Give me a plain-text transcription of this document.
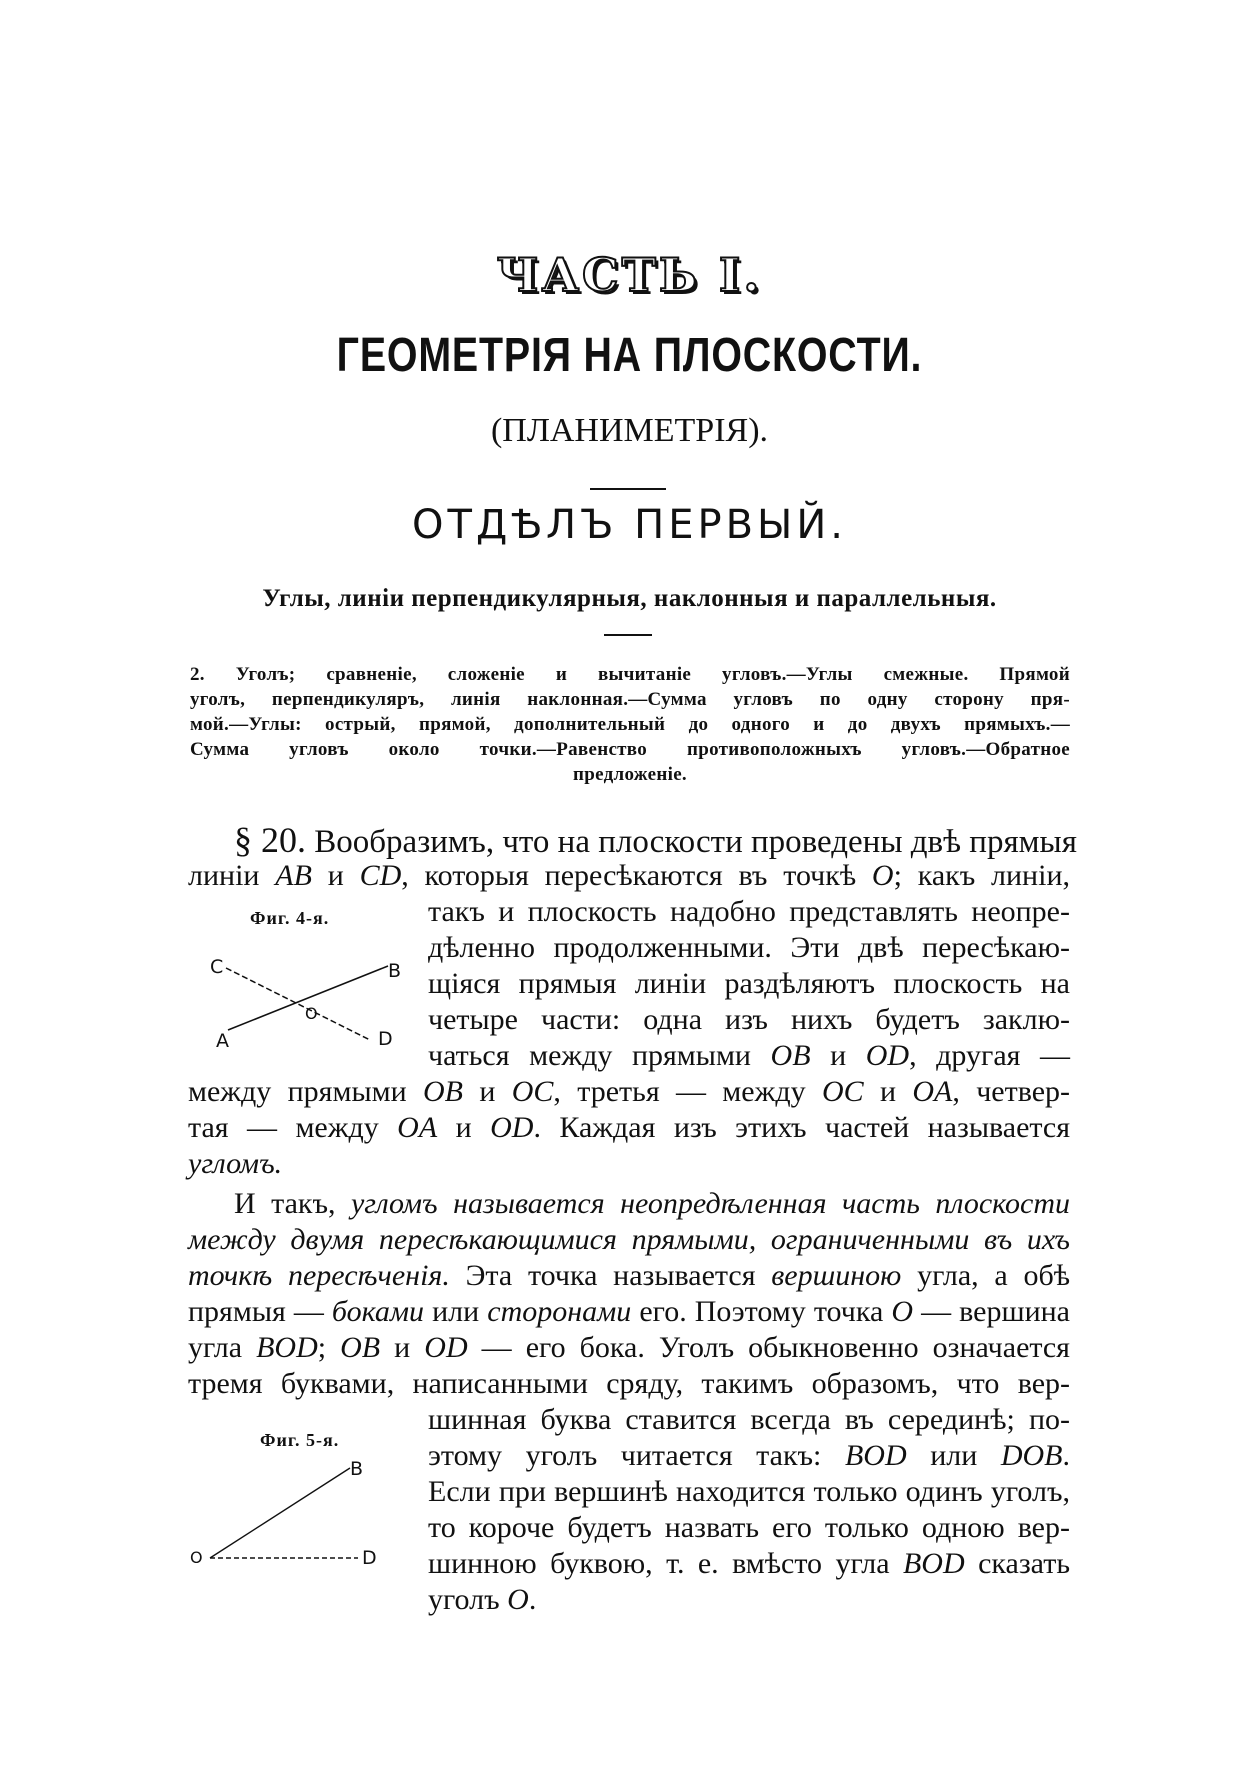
ЧАСТЬ I.
ГЕОМЕТРІЯ НА ПЛОСКОСТИ.
(ПЛАНИМЕТРІЯ).
ОТДѢЛЪ ПЕРВЫЙ.
Углы, линіи перпендикулярныя, наклонныя и параллельныя.
2. Уголъ; сравненіе, сложеніе и вычитаніе угловъ.—Углы смежные. Прямой
уголъ, перпендикуляръ, линія наклонная.—Сумма угловъ по одну сторону пря-
мой.—Углы: острый, прямой, дополнительный до одного и до двухъ прямыхъ.—
Сумма угловъ около точки.—Равенство противоположныхъ угловъ.—Обратное
предложеніе.
§ 20. Вообразимъ, что на плоскости проведены двѣ прямыя
линіи AB и CD, которыя пересѣкаются въ точкѣ O; какъ линіи,
такъ и плоскость надобно представлять неопре-
дѣленно продолженными. Эти двѣ пересѣкаю-
щіяся прямыя линіи раздѣляютъ плоскость на
четыре части: одна изъ нихъ будетъ заклю-
чаться между прямыми OB и OD, другая —
между прямыми OB и OC, третья — между OC и OA, четвер-
тая — между OA и OD. Каждая изъ этихъ частей называется
угломъ.
И такъ, угломъ называется неопредѣленная часть плоскости
между двумя пересѣкающимися прямыми, ограниченными въ ихъ
точкѣ пересѣченія. Эта точка называется вершиною угла, а обѣ
прямыя — боками или сторонами его. Поэтому точка O — вершина
угла BOD; OB и OD — его бока. Уголъ обыкновенно означается
тремя буквами, написанными сряду, такимъ образомъ, что вер-
шинная буква ставится всегда въ серединѣ; по-
этому уголъ читается такъ: BOD или DOB.
Если при вершинѣ находится только одинъ уголъ,
то короче будетъ назвать его только одною вер-
шинною буквою, т. е. вмѣсто угла BOD сказать
уголъ O.
Фиг. 4-я.
C	B
O
A	D
Фиг. 5-я.
B
O	D
